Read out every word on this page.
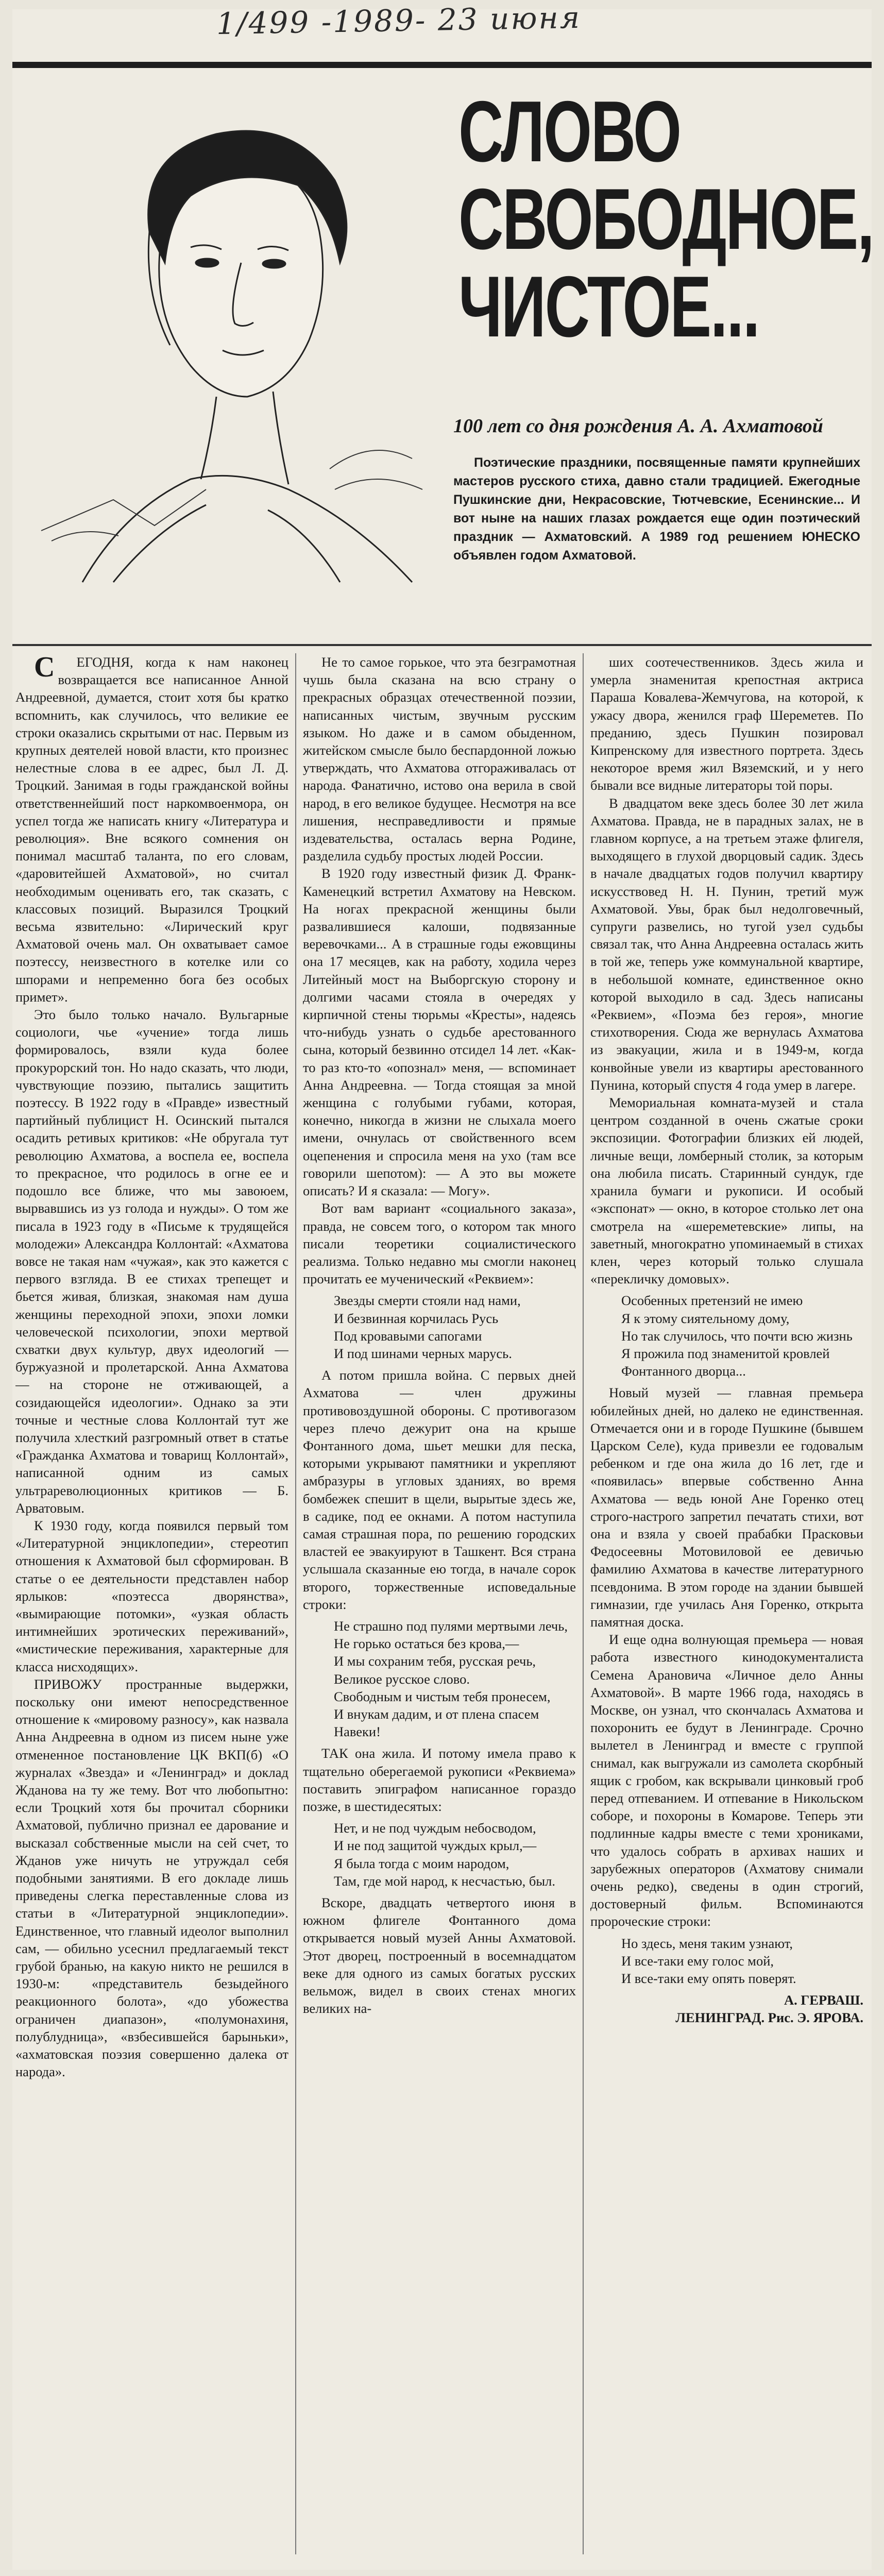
1/499 -1989- 23 июня
СЛОВО
СВОБОДНОЕ,
ЧИСТОЕ...
100 лет со дня рождения А. А. Ахматовой
Поэтические праздники, посвященные памяти крупнейших мастеров русского стиха, давно стали традицией. Ежегодные Пушкинские дни, Некрасовские, Тютчевские, Есенинские... И вот ныне на наших глазах рождается еще один поэтический праздник — Ахматовский. А 1989 год решением ЮНЕСКО объявлен годом Ахматовой.

СЕГОДНЯ, когда к нам наконец возвращается все написанное Анной Андреевной, думается, стоит хотя бы кратко вспомнить, как случилось, что великие ее строки оказались скрытыми от нас. Первым из крупных деятелей новой власти, кто произнес нелестные слова в ее адрес, был Л. Д. Троцкий. Занимая в годы гражданской войны ответственнейший пост наркомвоенмора, он успел тогда же написать книгу «Литература и революция». Вне всякого сомнения он понимал масштаб таланта, по его словам, «даровитейшей Ахматовой», но считал необходимым оценивать его, так сказать, с классовых позиций. Выразился Троцкий весьма язвительно: «Лирический круг Ахматовой очень мал. Он охватывает самое поэтессу, неизвестного в котелке или со шпорами и непременно бога без особых примет».

Это было только начало. Вульгарные социологи, чье «учение» тогда лишь формировалось, взяли куда более прокурорский тон. Но надо сказать, что люди, чувствующие поэзию, пытались защитить поэтессу. В 1922 году в «Правде» известный партийный публицист Н. Осинский пытался осадить ретивых критиков: «Не обругала тут революцию Ахматова, а воспела ее, воспела то прекрасное, что родилось в огне ее и подошло все ближе, что мы завоюем, вырвавшись из уз голода и нужды». О том же писала в 1923 году в «Письме к трудящейся молодежи» Александра Коллонтай: «Ахматова вовсе не такая нам «чужая», как это кажется с первого взгляда. В ее стихах трепещет и бьется живая, близкая, знакомая нам душа женщины переходной эпохи, эпохи ломки человеческой психологии, эпохи мертвой схватки двух культур, двух идеологий — буржуазной и пролетарской. Анна Ахматова — на стороне не отживающей, а созидающейся идеологии». Однако за эти точные и честные слова Коллонтай тут же получила хлесткий разгромный ответ в статье «Гражданка Ахматова и товарищ Коллонтай», написанной одним из самых ультрареволюционных критиков — Б. Арватовым.

К 1930 году, когда появился первый том «Литературной энциклопедии», стереотип отношения к Ахматовой был сформирован. В статье о ее деятельности представлен набор ярлыков: «поэтесса дворянства», «вымирающие потомки», «узкая область интимнейших эротических переживаний», «мистические переживания, характерные для класса нисходящих».

ПРИВОЖУ пространные выдержки, поскольку они имеют непосредственное отношение к «мировому разносу», как назвала Анна Андреевна в одном из писем ныне уже отмененное постановление ЦК ВКП(б) «О журналах «Звезда» и «Ленинград» и доклад Жданова на ту же тему. Вот что любопытно: если Троцкий хотя бы прочитал сборники Ахматовой, публично признал ее дарование и высказал собственные мысли на сей счет, то Жданов уже ничуть не утруждал себя подобными занятиями. В его докладе лишь приведены слегка переставленные слова из статьи в «Литературной энциклопедии». Единственное, что главный идеолог выполнил сам, — обильно усеснил предлагаемый текст грубой бранью, на какую никто не решился в 1930-м: «представитель безыдейного реакционного болота», «до убожества ограничен диапазон», «полумонахиня, полублудница», «взбесившейся барыньки», «ахматовская поэзия совершенно далека от народа».

Не то самое горькое, что эта безграмотная чушь была сказана на всю страну о прекрасных образцах отечественной поэзии, написанных чистым, звучным русским языком. Но даже и в самом обыденном, житейском смысле было беспардонной ложью утверждать, что Ахматова отгораживалась от народа. Фанатично, истово она верила в свой народ, в его великое будущее. Несмотря на все лишения, несправедливости и прямые издевательства, осталась верна Родине, разделила судьбу простых людей России.

В 1920 году известный физик Д. Франк-Каменецкий встретил Ахматову на Невском. На ногах прекрасной женщины были развалившиеся калоши, подвязанные веревочками... А в страшные годы ежовщины она 17 месяцев, как на работу, ходила через Литейный мост на Выборгскую сторону и долгими часами стояла в очередях у кирпичной стены тюрьмы «Кресты», надеясь что-нибудь узнать о судьбе арестованного сына, который безвинно отсидел 14 лет. «Как-то раз кто-то «опознал» меня, — вспоминает Анна Андреевна. — Тогда стоящая за мной женщина с голубыми губами, которая, конечно, никогда в жизни не слыхала моего имени, очнулась от свойственного всем оцепенения и спросила меня на ухо (там все говорили шепотом): — А это вы можете описать? И я сказала: — Могу».

Вот вам вариант «социального заказа», правда, не совсем того, о котором так много писали теоретики социалистического реализма. Только недавно мы смогли наконец прочитать ее мученический «Реквием»:

Звезды смерти стояли над нами,
И безвинная корчилась Русь
Под кровавыми сапогами
И под шинами черных марусь.

А потом пришла война. С первых дней Ахматова — член дружины противовоздушной обороны. С противогазом через плечо дежурит она на крыше Фонтанного дома, шьет мешки для песка, которыми укрывают памятники и укрепляют амбразуры в угловых зданиях, во время бомбежек спешит в щели, вырытые здесь же, в садике, под ее окнами. А потом наступила самая страшная пора, по решению городских властей ее эвакуируют в Ташкент. Вся страна услышала сказанные ею тогда, в начале сорок второго, торжественные исповедальные строки:

Не страшно под пулями мертвыми лечь,
Не горько остаться без крова,—
И мы сохраним тебя, русская речь,
Великое русское слово.
Свободным и чистым тебя пронесем,
И внукам дадим, и от плена спасем
Навеки!

ТАК она жила. И потому имела право к тщательно оберегаемой рукописи «Реквиема» поставить эпиграфом написанное гораздо позже, в шестидесятых:

Нет, и не под чуждым небосводом,
И не под защитой чуждых крыл,—
Я была тогда с моим народом,
Там, где мой народ, к несчастью, был.

Вскоре, двадцать четвертого июня в южном флигеле Фонтанного дома открывается новый музей Анны Ахматовой. Этот дворец, построенный в восемнадцатом веке для одного из самых богатых русских вельмож, видел в своих стенах многих великих на-

ших соотечественников. Здесь жила и умерла знаменитая крепостная актриса Параша Ковалева-Жемчугова, на которой, к ужасу двора, женился граф Шереметев. По преданию, здесь Пушкин позировал Кипренскому для известного портрета. Здесь некоторое время жил Вяземский, и у него бывали все видные литераторы той поры.

В двадцатом веке здесь более 30 лет жила Ахматова. Правда, не в парадных залах, не в главном корпусе, а на третьем этаже флигеля, выходящего в глухой дворцовый садик. Здесь в начале двадцатых годов получил квартиру искусствовед Н. Н. Пунин, третий муж Ахматовой. Увы, брак был недолговечный, супруги развелись, но тугой узел судьбы связал так, что Анна Андреевна осталась жить в той же, теперь уже коммунальной квартире, в небольшой комнате, единственное окно которой выходило в сад. Здесь написаны «Реквием», «Поэма без героя», многие стихотворения. Сюда же вернулась Ахматова из эвакуации, жила и в 1949-м, когда конвойные увели из квартиры арестованного Пунина, который спустя 4 года умер в лагере.

Мемориальная комната-музей и стала центром созданной в очень сжатые сроки экспозиции. Фотографии близких ей людей, личные вещи, ломберный столик, за которым она любила писать. Старинный сундук, где хранила бумаги и рукописи. И особый «экспонат» — окно, в которое столько лет она смотрела на «шереметевские» липы, на заветный, многократно упоминаемый в стихах клен, через который только слушала «перекличку домовых».

Особенных претензий не имею
Я к этому сиятельному дому,
Но так случилось, что почти всю жизнь
Я прожила под знаменитой кровлей
Фонтанного дворца...

Новый музей — главная премьера юбилейных дней, но далеко не единственная. Отмечается они и в городе Пушкине (бывшем Царском Селе), куда привезли ее годовалым ребенком и где она жила до 16 лет, где и «появилась» впервые собственно Анна Ахматова — ведь юной Ане Горенко отец строго-настрого запретил печатать стихи, вот она и взяла у своей прабабки Прасковьи Федосеевны Мотовиловой ее девичью фамилию Ахматова в качестве литературного псевдонима. В этом городе на здании бывшей гимназии, где училась Аня Горенко, открыта памятная доска.

И еще одна волнующая премьера — новая работа известного кинодокументалиста Семена Арановича «Личное дело Анны Ахматовой». В марте 1966 года, находясь в Москве, он узнал, что скончалась Ахматова и похоронить ее будут в Ленинграде. Срочно вылетел в Ленинград и вместе с группой снимал, как выгружали из самолета скорбный ящик с гробом, как вскрывали цинковый гроб перед отпеванием. И отпевание в Никольском соборе, и похороны в Комарове. Теперь эти подлинные кадры вместе с теми хрониками, что удалось собрать в архивах наших и зарубежных операторов (Ахматову снимали очень редко), сведены в один строгий, достоверный фильм. Вспоминаются пророческие строки:

Но здесь, меня таким узнают,
И все-таки ему голос мой,
И все-таки ему опять поверят.

А. ГЕРВАШ.
ЛЕНИНГРАД. Рис. Э. ЯРОВА.
